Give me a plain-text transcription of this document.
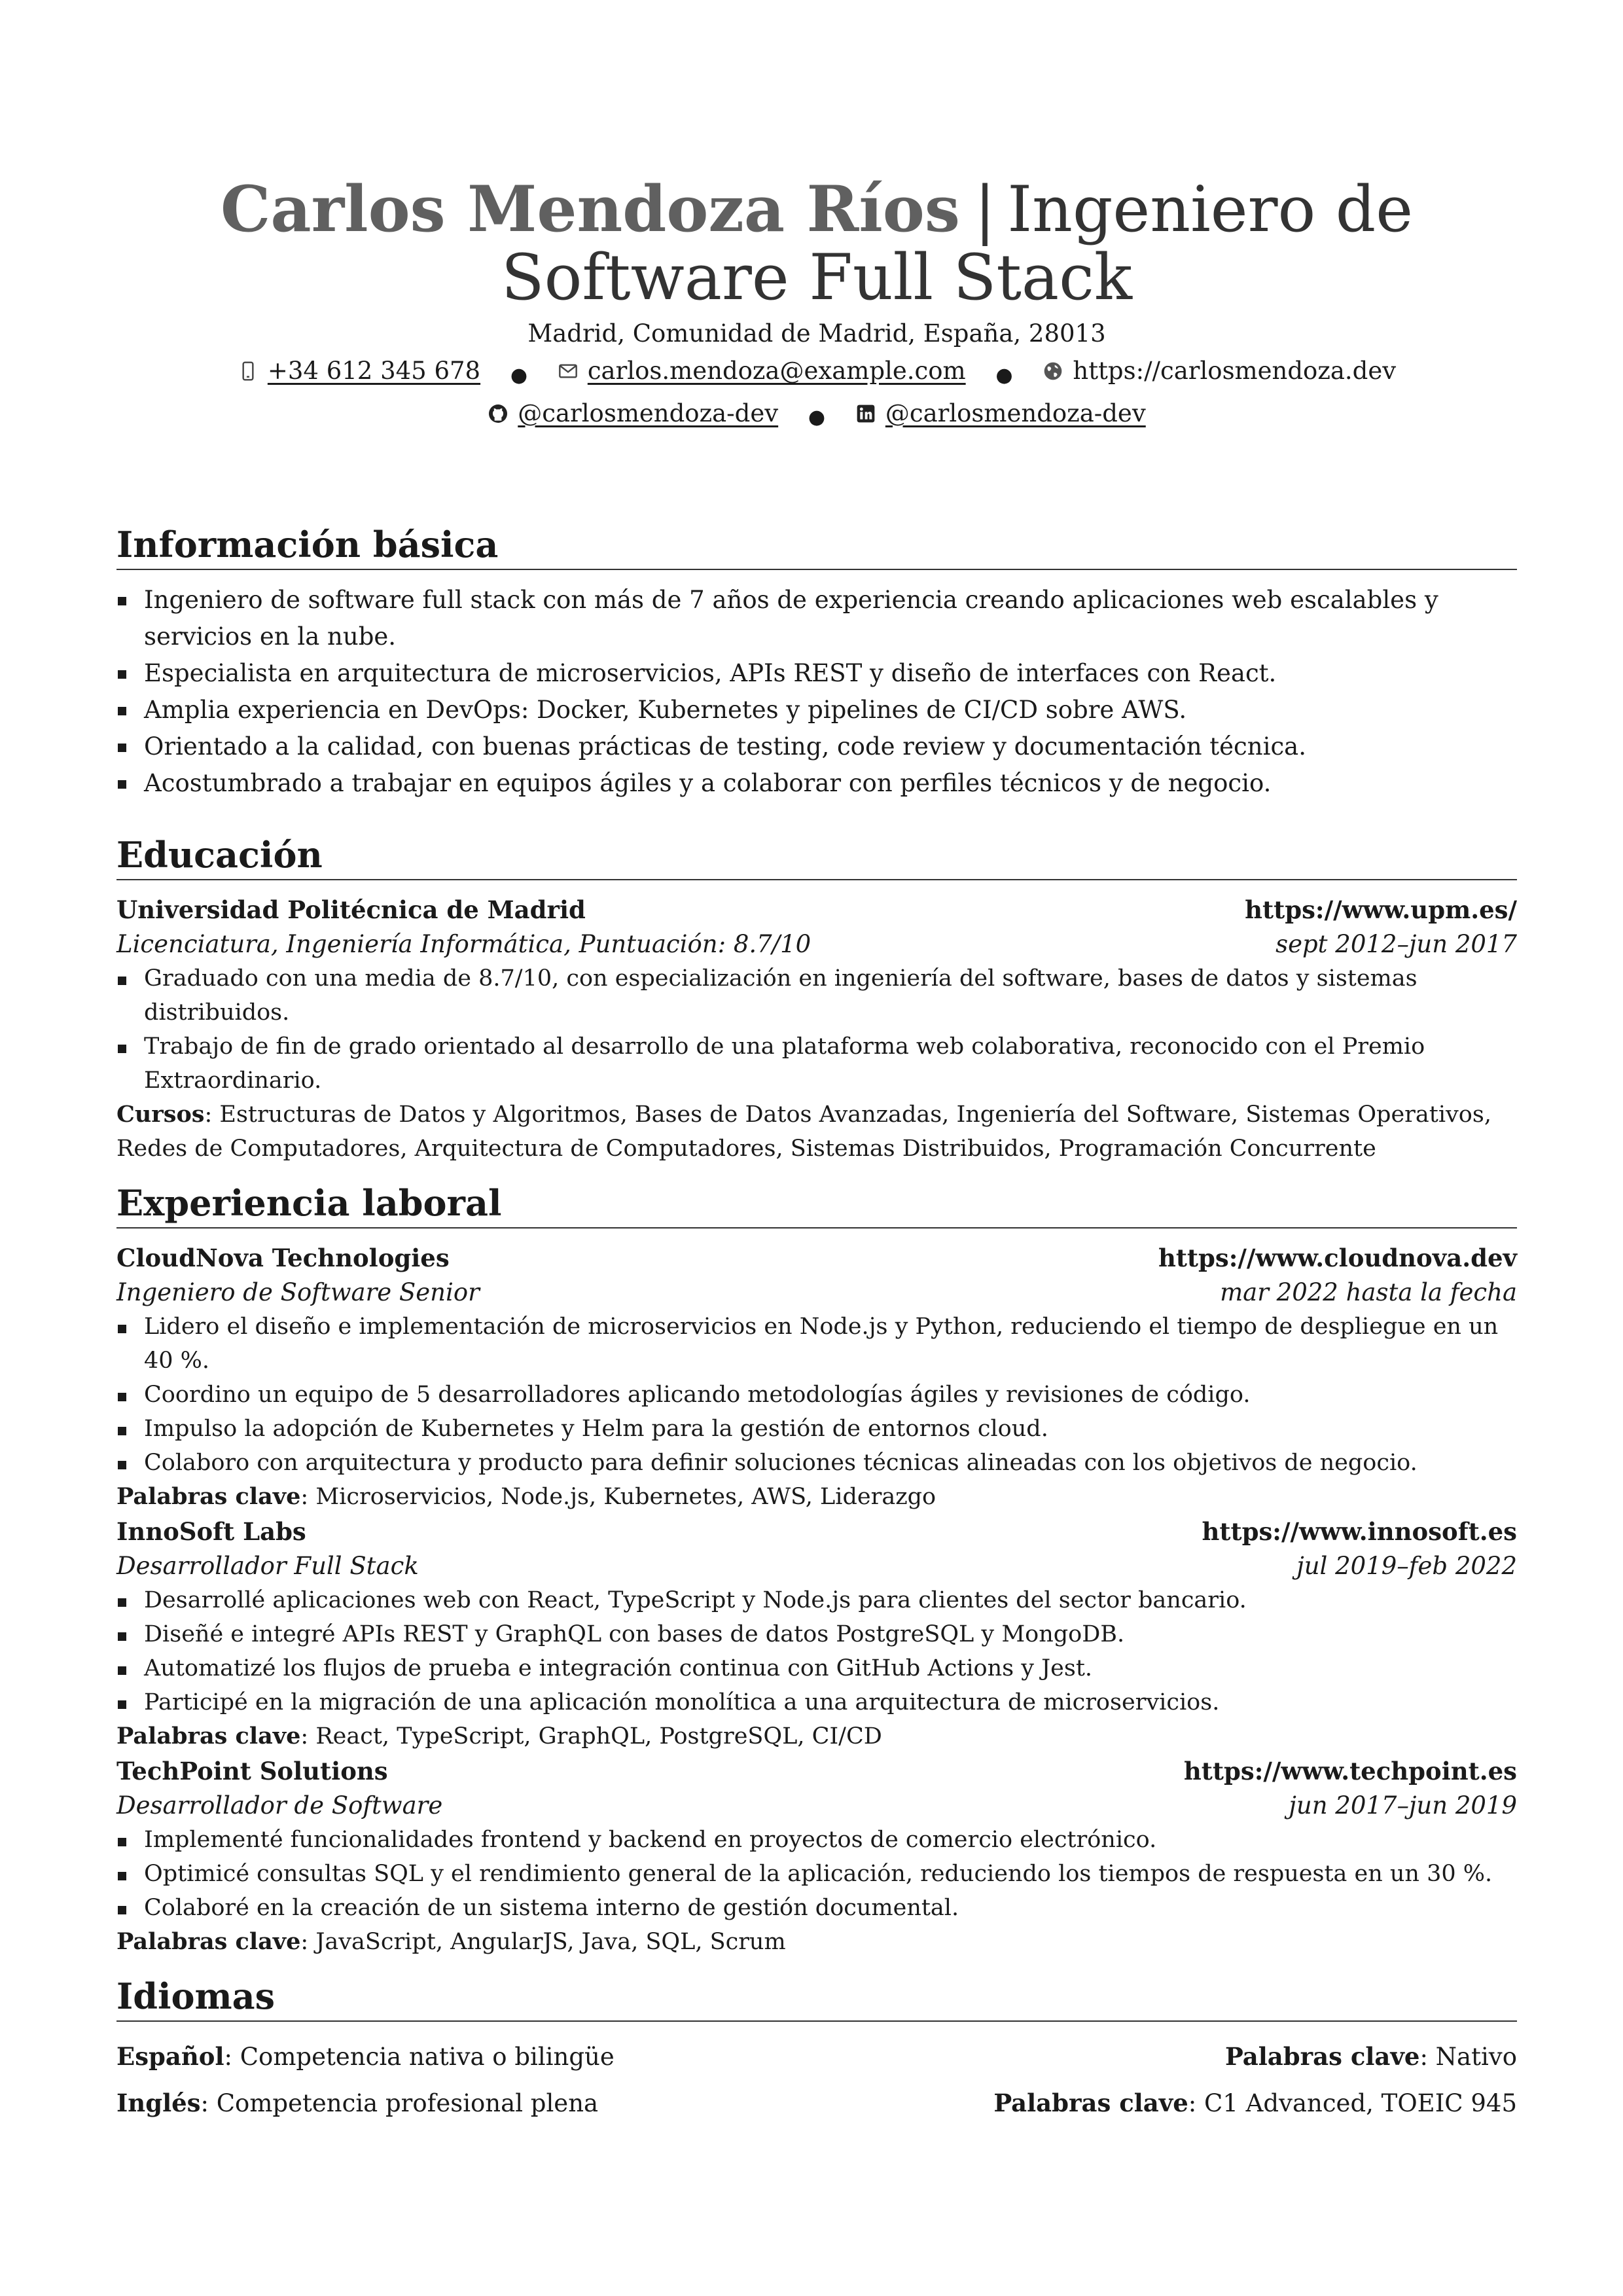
Carlos Mendoza Ríos | Ingeniero de
Software Full Stack
Madrid, Comunidad de Madrid, España, 28013
+34 612 345 678 ● carlos.mendoza@example.com ● https://carlosmendoza.dev
@carlosmendoza-dev ● @carlosmendoza-dev
Información básica
Ingeniero de software full stack con más de 7 años de experiencia creando aplicaciones web escalables y servicios en la nube.
Especialista en arquitectura de microservicios, APIs REST y diseño de interfaces con React.
Amplia experiencia en DevOps: Docker, Kubernetes y pipelines de CI/CD sobre AWS.
Orientado a la calidad, con buenas prácticas de testing, code review y documentación técnica.
Acostumbrado a trabajar en equipos ágiles y a colaborar con perfiles técnicos y de negocio.
Educación
Universidad Politécnica de Madrid	https://www.upm.es/
Licenciatura, Ingeniería Informática, Puntuación: 8.7/10	sept 2012–jun 2017
Graduado con una media de 8.7/10, con especialización en ingeniería del software, bases de datos y sistemas distribuidos.
Trabajo de fin de grado orientado al desarrollo de una plataforma web colaborativa, reconocido con el Premio Extraordinario.
Cursos: Estructuras de Datos y Algoritmos, Bases de Datos Avanzadas, Ingeniería del Software, Sistemas Operativos, Redes de Computadores, Arquitectura de Computadores, Sistemas Distribuidos, Programación Concurrente
Experiencia laboral
CloudNova Technologies	https://www.cloudnova.dev
Ingeniero de Software Senior	mar 2022 hasta la fecha
Lidero el diseño e implementación de microservicios en Node.js y Python, reduciendo el tiempo de despliegue en un 40 %.
Coordino un equipo de 5 desarrolladores aplicando metodologías ágiles y revisiones de código.
Impulso la adopción de Kubernetes y Helm para la gestión de entornos cloud.
Colaboro con arquitectura y producto para definir soluciones técnicas alineadas con los objetivos de negocio.
Palabras clave: Microservicios, Node.js, Kubernetes, AWS, Liderazgo
InnoSoft Labs	https://www.innosoft.es
Desarrollador Full Stack	jul 2019–feb 2022
Desarrollé aplicaciones web con React, TypeScript y Node.js para clientes del sector bancario.
Diseñé e integré APIs REST y GraphQL con bases de datos PostgreSQL y MongoDB.
Automatizé los flujos de prueba e integración continua con GitHub Actions y Jest.
Participé en la migración de una aplicación monolítica a una arquitectura de microservicios.
Palabras clave: React, TypeScript, GraphQL, PostgreSQL, CI/CD
TechPoint Solutions	https://www.techpoint.es
Desarrollador de Software	jun 2017–jun 2019
Implementé funcionalidades frontend y backend en proyectos de comercio electrónico.
Optimicé consultas SQL y el rendimiento general de la aplicación, reduciendo los tiempos de respuesta en un 30 %.
Colaboré en la creación de un sistema interno de gestión documental.
Palabras clave: JavaScript, AngularJS, Java, SQL, Scrum
Idiomas
Español: Competencia nativa o bilingüe	Palabras clave: Nativo
Inglés: Competencia profesional plena	Palabras clave: C1 Advanced, TOEIC 945
